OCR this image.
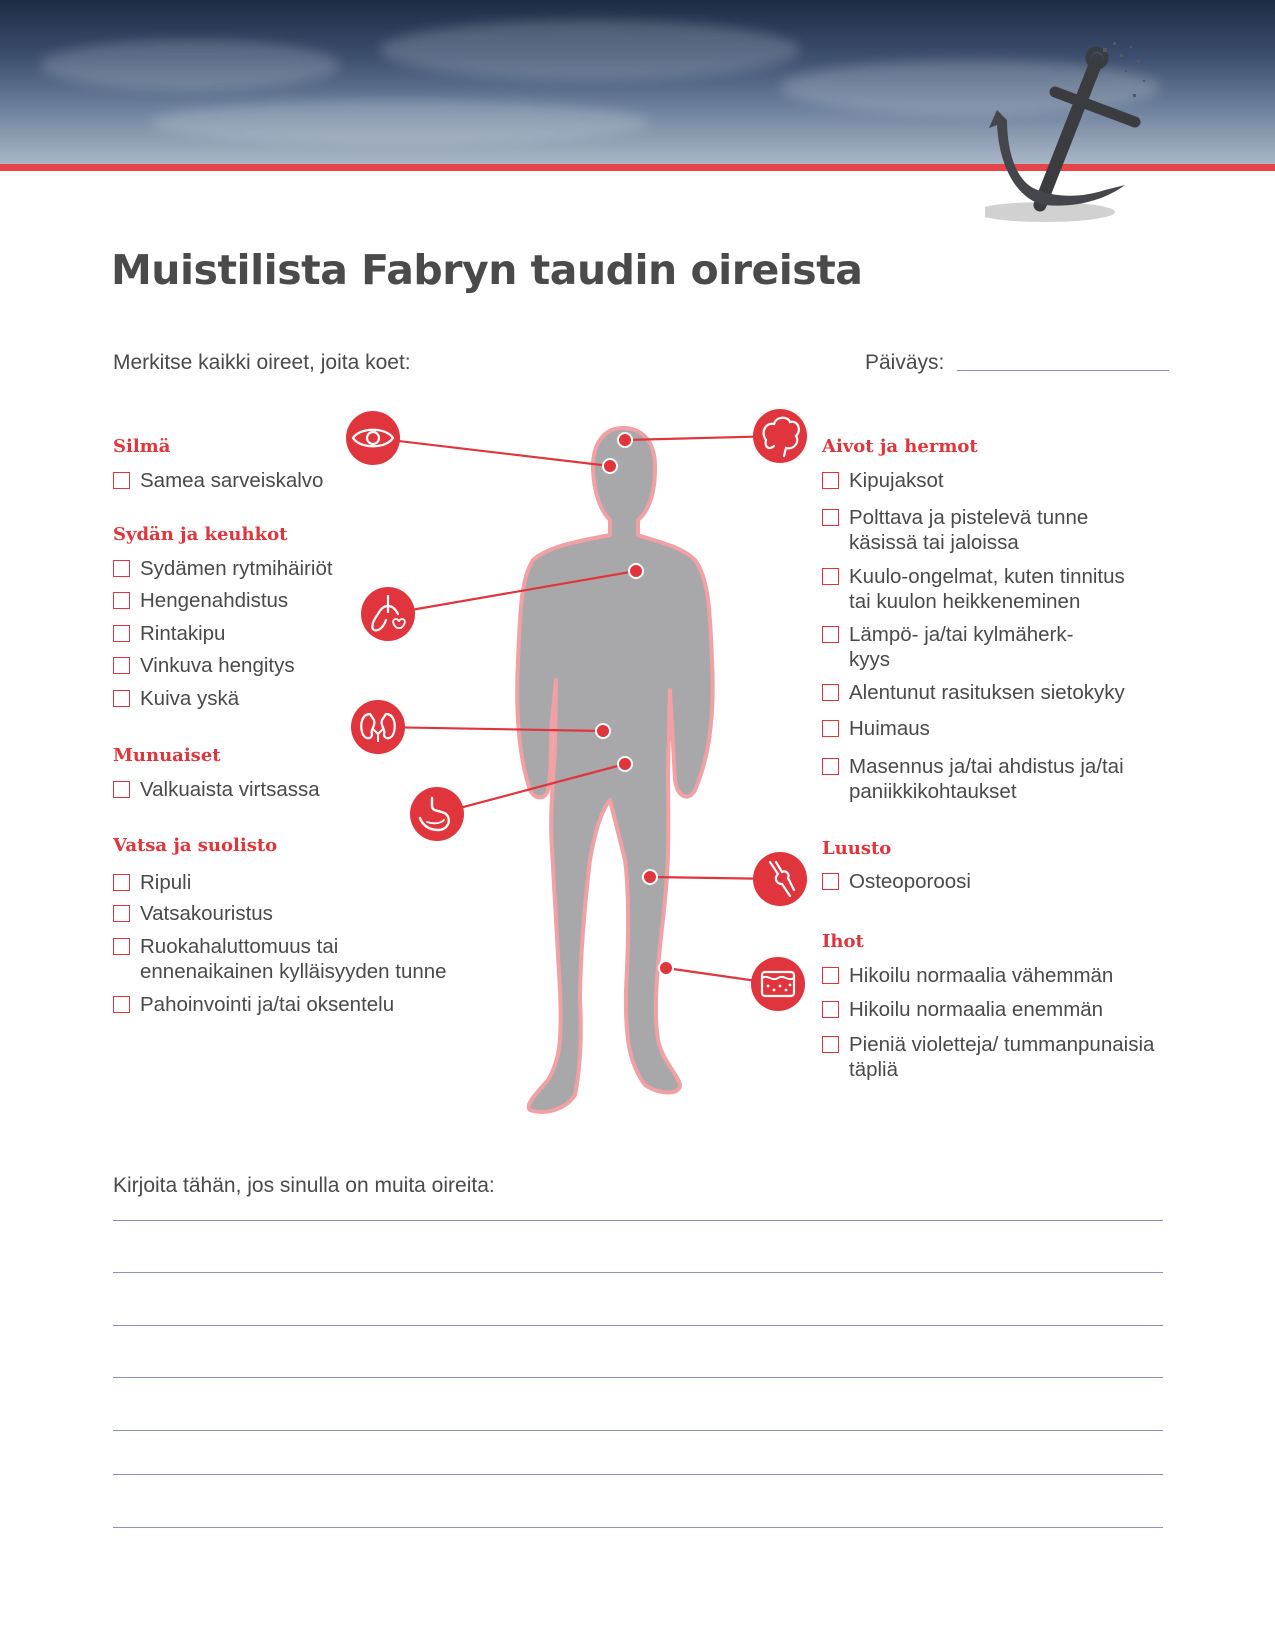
Muistilista Fabryn taudin oireista
Merkitse kaikki oireet, joita koet:	Päiväys:
Silmä
Samea sarveiskalvo
Sydän ja keuhkot
Sydämen rytmihäiriöt
Hengenahdistus
Rintakipu
Vinkuva hengitys
Kuiva yskä
Munuaiset
Valkuaista virtsassa
Vatsa ja suolisto
Ripuli
Vatsakouristus
Ruokahaluttomuus tai
ennenaikainen kylläisyyden tunne
Pahoinvointi ja/tai oksentelu
Aivot ja hermot
Kipujaksot
Polttava ja pistelevä tunne
käsissä tai jaloissa
Kuulo-ongelmat, kuten tinnitus
tai kuulon heikkeneminen
Lämpö- ja/tai kylmäherk-
kyys
Alentunut rasituksen sietokyky
Huimaus
Masennus ja/tai ahdistus ja/tai
paniikkikohtaukset
Luusto
Osteoporoosi
Ihot
Hikoilu normaalia vähemmän
Hikoilu normaalia enemmän
Pieniä violetteja/ tummanpunaisia
täpliä
Kirjoita tähän, jos sinulla on muita oireita:
